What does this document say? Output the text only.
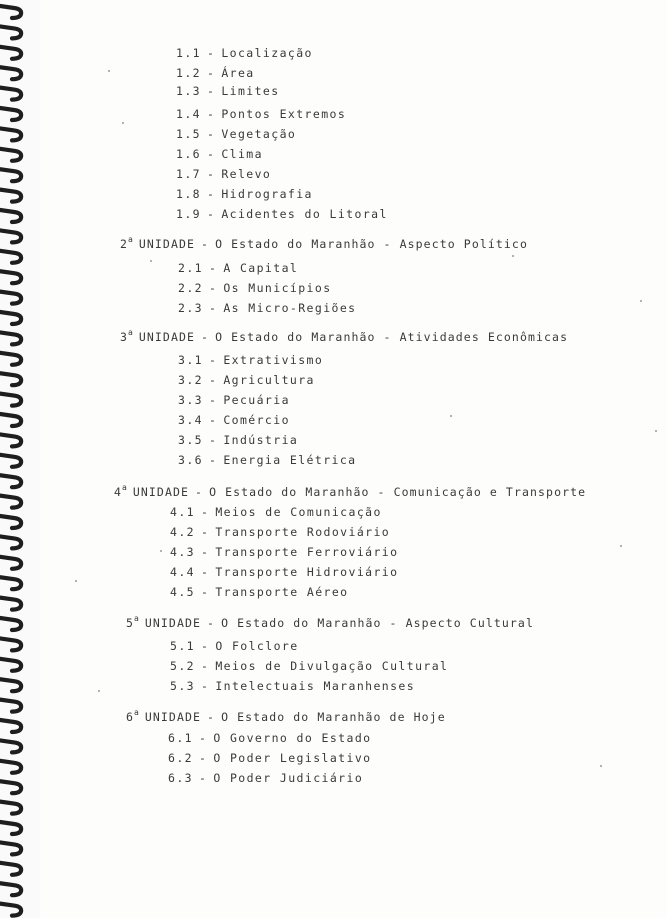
1.1 - Localização
1.2 - Área
1.3 - Limites
1.4 - Pontos Extremos
1.5 - Vegetação
1.6 - Clima
1.7 - Relevo
1.8 - Hidrografia
1.9 - Acidentes do Litoral
2$^a$ UNIDADE - O Estado do Maranhão - Aspecto Político
2.1 - A Capital
2.2 - Os Municípios
2.3 - As Micro-Regiões
3$^a$ UNIDADE - O Estado do Maranhão - Atividades Econômicas
3.1 - Extrativismo
3.2 - Agricultura
3.3 - Pecuária
3.4 - Comércio
3.5 - Indústria
3.6 - Energia Elétrica
4$^a$ UNIDADE - O Estado do Maranhão - Comunicação e Transporte
4.1 - Meios de Comunicação
4.2 - Transporte Rodoviário
4.3 - Transporte Ferroviário
4.4 - Transporte Hidroviário
4.5 - Transporte Aéreo
5$^a$ UNIDADE - O Estado do Maranhão - Aspecto Cultural
5.1 - O Folclore
5.2 - Meios de Divulgação Cultural
5.3 - Intelectuais Maranhenses
6$^a$ UNIDADE - O Estado do Maranhão de Hoje
6.1 - O Governo do Estado
6.2 - O Poder Legislativo
6.3 - O Poder Judiciário
